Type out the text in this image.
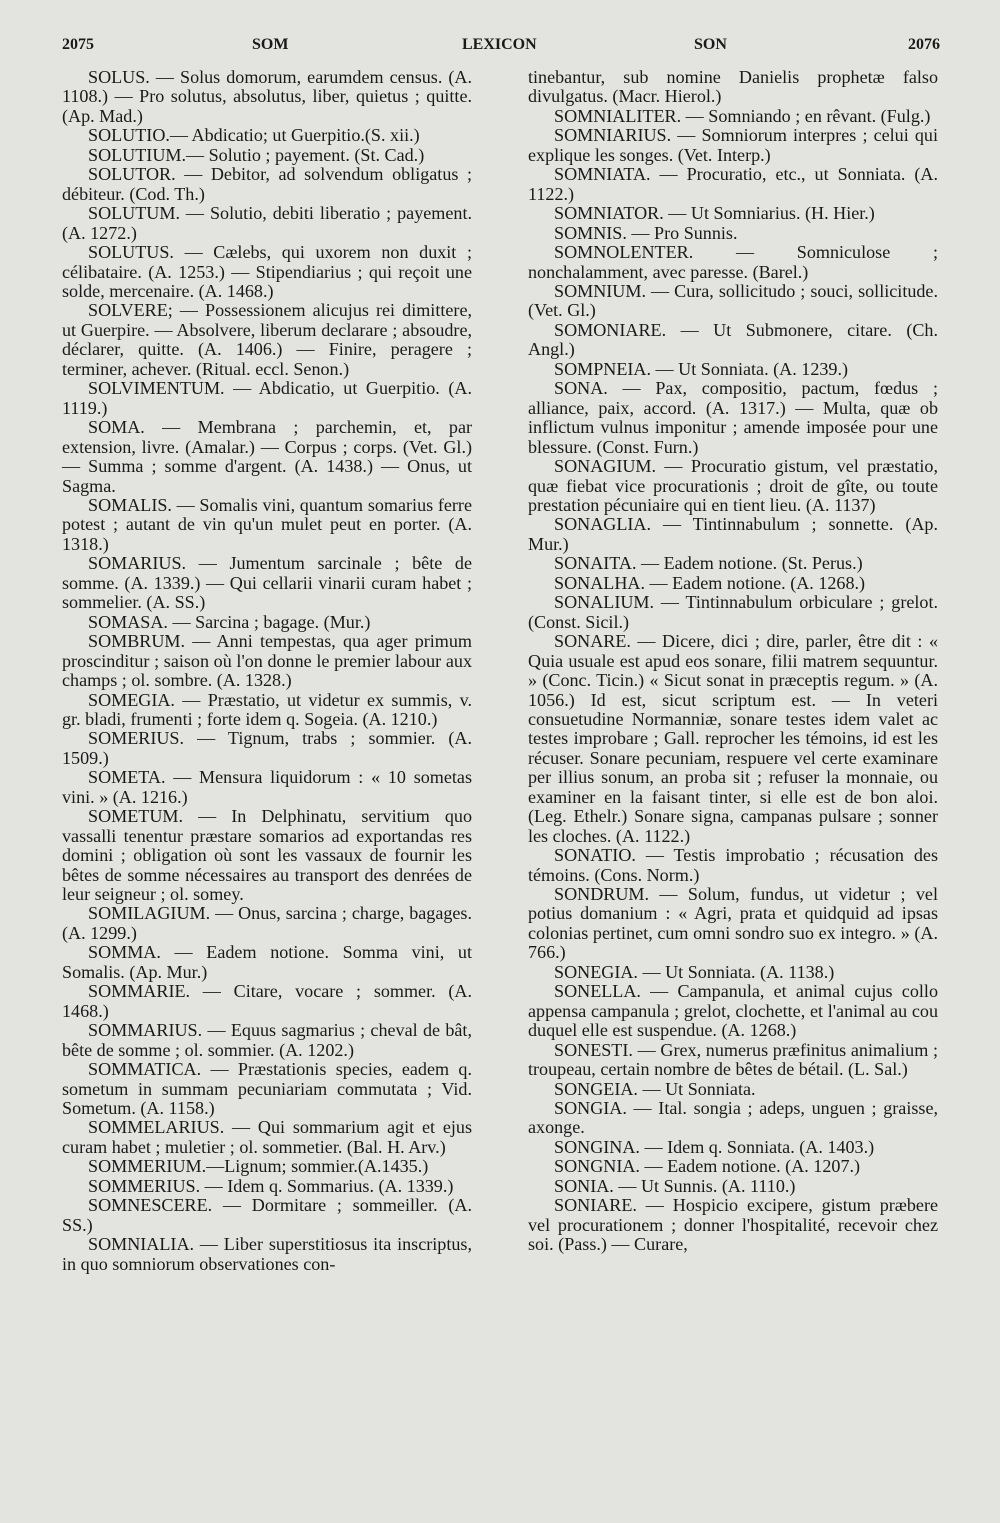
2075	SOM	LEXICON	SON	2076

SOLUS. — Solus domorum, earumdem census. (A. 1108.) — Pro solutus, absolutus, liber, quietus ; quitte. (Ap. Mad.)

SOLUTIO.— Abdicatio; ut Guerpitio.(S. xii.)

SOLUTIUM.— Solutio ; payement. (St. Cad.)

SOLUTOR. — Debitor, ad solvendum obligatus ; débiteur. (Cod. Th.)

SOLUTUM. — Solutio, debiti liberatio ; payement. (A. 1272.)

SOLUTUS. — Cælebs, qui uxorem non duxit ; célibataire. (A. 1253.) — Stipendiarius ; qui reçoit une solde, mercenaire. (A. 1468.)

SOLVERE; — Possessionem alicujus rei dimittere, ut Guerpire. — Absolvere, liberum declarare ; absoudre, déclarer, quitte. (A. 1406.) — Finire, peragere ; terminer, achever. (Ritual. eccl. Senon.)

SOLVIMENTUM. — Abdicatio, ut Guerpitio. (A. 1119.)

SOMA. — Membrana ; parchemin, et, par extension, livre. (Amalar.) — Corpus ; corps. (Vet. Gl.) — Summa ; somme d'argent. (A. 1438.) — Onus, ut Sagma.

SOMALIS. — Somalis vini, quantum somarius ferre potest ; autant de vin qu'un mulet peut en porter. (A. 1318.)

SOMARIUS. — Jumentum sarcinale ; bête de somme. (A. 1339.) — Qui cellarii vinarii curam habet ; sommelier. (A. SS.)

SOMASA. — Sarcina ; bagage. (Mur.)

SOMBRUM. — Anni tempestas, qua ager primum proscinditur ; saison où l'on donne le premier labour aux champs ; ol. sombre. (A. 1328.)

SOMEGIA. — Præstatio, ut videtur ex summis, v. gr. bladi, frumenti ; forte idem q. Sogeia. (A. 1210.)

SOMERIUS. — Tignum, trabs ; sommier. (A. 1509.)

SOMETA. — Mensura liquidorum : « 10 sometas vini. » (A. 1216.)

SOMETUM. — In Delphinatu, servitium quo vassalli tenentur præstare somarios ad exportandas res domini ; obligation où sont les vassaux de fournir les bêtes de somme nécessaires au transport des denrées de leur seigneur ; ol. somey.

SOMILAGIUM. — Onus, sarcina ; charge, bagages. (A. 1299.)

SOMMA. — Eadem notione. Somma vini, ut Somalis. (Ap. Mur.)

SOMMARIE. — Citare, vocare ; sommer. (A. 1468.)

SOMMARIUS. — Equus sagmarius ; cheval de bât, bête de somme ; ol. sommier. (A. 1202.)

SOMMATICA. — Præstationis species, eadem q. sometum in summam pecuniariam commutata ; Vid. Sometum. (A. 1158.)

SOMMELARIUS. — Qui sommarium agit et ejus curam habet ; muletier ; ol. sommetier. (Bal. H. Arv.)

SOMMERIUM.—Lignum; sommier.(A.1435.)

SOMMERIUS. — Idem q. Sommarius. (A. 1339.)

SOMNESCERE. — Dormitare ; sommeiller. (A. SS.)

SOMNIALIA. — Liber superstitiosus ita inscriptus, in quo somniorum observationes con-

tinebantur, sub nomine Danielis prophetæ falso divulgatus. (Macr. Hierol.)

SOMNIALITER. — Somniando ; en rêvant. (Fulg.)

SOMNIARIUS. — Somniorum interpres ; celui qui explique les songes. (Vet. Interp.)

SOMNIATA. — Procuratio, etc., ut Sonniata. (A. 1122.)

SOMNIATOR. — Ut Somniarius. (H. Hier.)

SOMNIS. — Pro Sunnis.

SOMNOLENTER. — Somniculose ; nonchalamment, avec paresse. (Barel.)

SOMNIUM. — Cura, sollicitudo ; souci, sollicitude. (Vet. Gl.)

SOMONIARE. — Ut Submonere, citare. (Ch. Angl.)

SOMPNEIA. — Ut Sonniata. (A. 1239.)

SONA. — Pax, compositio, pactum, fœdus ; alliance, paix, accord. (A. 1317.) — Multa, quæ ob inflictum vulnus imponitur ; amende imposée pour une blessure. (Const. Furn.)

SONAGIUM. — Procuratio gistum, vel præstatio, quæ fiebat vice procurationis ; droit de gîte, ou toute prestation pécuniaire qui en tient lieu. (A. 1137)

SONAGLIA. — Tintinnabulum ; sonnette. (Ap. Mur.)

SONAITA. — Eadem notione. (St. Perus.)

SONALHA. — Eadem notione. (A. 1268.)

SONALIUM. — Tintinnabulum orbiculare ; grelot. (Const. Sicil.)

SONARE. — Dicere, dici ; dire, parler, être dit : « Quia usuale est apud eos sonare, filii matrem sequuntur. » (Conc. Ticin.) « Sicut sonat in præceptis regum. » (A. 1056.) Id est, sicut scriptum est. — In veteri consuetudine Normanniæ, sonare testes idem valet ac testes improbare ; Gall. reprocher les témoins, id est les récuser. Sonare pecuniam, respuere vel certe examinare per illius sonum, an proba sit ; refuser la monnaie, ou examiner en la faisant tinter, si elle est de bon aloi. (Leg. Ethelr.) Sonare signa, campanas pulsare ; sonner les cloches. (A. 1122.)

SONATIO. — Testis improbatio ; récusation des témoins. (Cons. Norm.)

SONDRUM. — Solum, fundus, ut videtur ; vel potius domanium : « Agri, prata et quidquid ad ipsas colonias pertinet, cum omni sondro suo ex integro. » (A. 766.)

SONEGIA. — Ut Sonniata. (A. 1138.)

SONELLA. — Campanula, et animal cujus collo appensa campanula ; grelot, clochette, et l'animal au cou duquel elle est suspendue. (A. 1268.)

SONESTI. — Grex, numerus præfinitus animalium ; troupeau, certain nombre de bêtes de bétail. (L. Sal.)

SONGEIA. — Ut Sonniata.

SONGIA. — Ital. songia ; adeps, unguen ; graisse, axonge.

SONGINA. — Idem q. Sonniata. (A. 1403.)

SONGNIA. — Eadem notione. (A. 1207.)

SONIA. — Ut Sunnis. (A. 1110.)

SONIARE. — Hospicio excipere, gistum præbere vel procurationem ; donner l'hospitalité, recevoir chez soi. (Pass.) — Curare,
